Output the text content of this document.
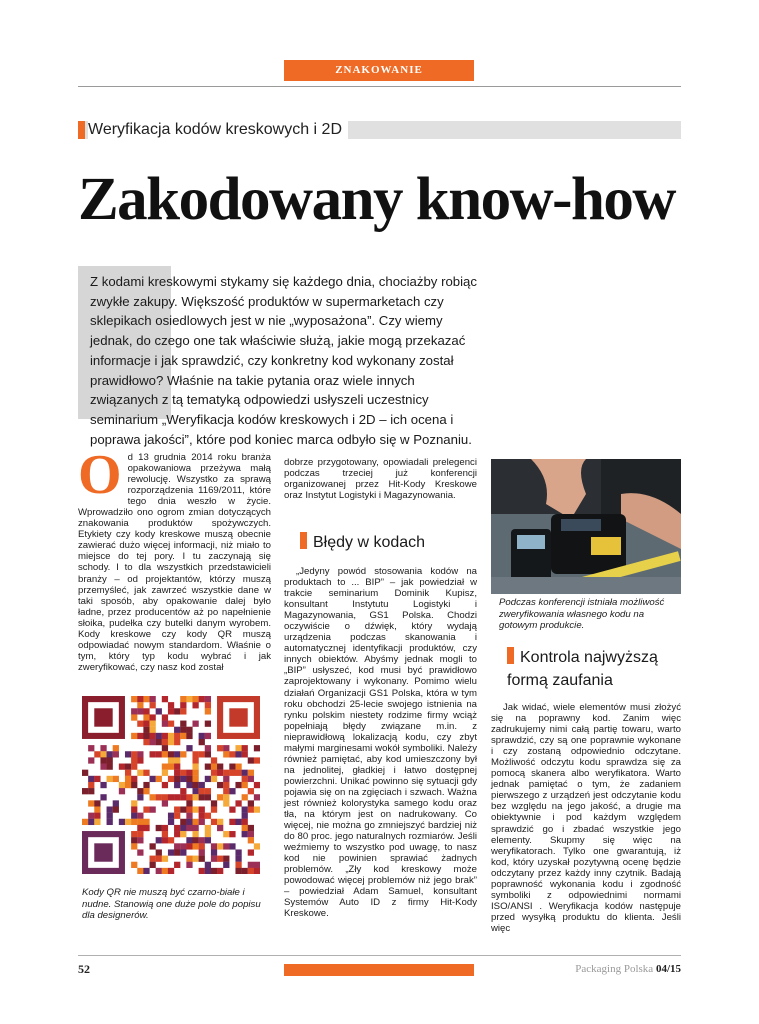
ZNAKOWANIE
Weryfikacja kodów kreskowych i 2D
Zakodowany know-how

Z kodami kreskowymi stykamy się każdego dnia, chociażby robiąc zwykłe zakupy. Większość produktów w supermarketach czy sklepikach osiedlowych jest w nie „wyposażona”. Czy wiemy jednak, do czego one tak właściwie służą, jakie mogą przekazać informacje i jak sprawdzić, czy konkretny kod wykonany został prawidłowo? Właśnie na takie pytania oraz wiele innych związanych z tą tematyką odpowiedzi usłyszeli uczestnicy seminarium „Weryfikacja kodów kreskowych i 2D – ich ocena i poprawa jakości”, które pod koniec marca odbyło się w Poznaniu.

O d 13 grudnia 2014 roku branża opakowaniowa przeżywa małą rewolucję. Wszystko za sprawą rozporządzenia 1169/2011, które tego dnia weszło w życie. Wprowadziło ono ogrom zmian dotyczących znakowania produktów spożywczych. Etykiety czy kody kreskowe muszą obecnie zawierać dużo więcej informacji, niż miało to miejsce do tej pory. I tu zaczynają się schody. I to dla wszystkich przedstawicieli branży – od projektantów, którzy muszą przemyśleć, jak zawrzeć wszystkie dane w taki sposób, aby opakowanie dalej było ładne, przez producentów aż po napełnienie słoika, pudełka czy butelki danym wyrobem. Kody kreskowe czy kody QR muszą odpowiadać nowym standardom. Właśnie o tym, który typ kodu wybrać i jak zweryfikować, czy nasz kod został

dobrze przygotowany, opowiadali prelegenci podczas trzeciej już konferencji organizowanej przez Hit-Kody Kreskowe oraz Instytut Logistyki i Magazynowania.

Błędy w kodach

„Jedyny powód stosowania kodów na produktach to ... BIP” – jak powiedział w trakcie seminarium Dominik Kupisz, konsultant Instytutu Logistyki i Magazynowania, GS1 Polska. Chodzi oczywiście o dźwięk, który wydają urządzenia podczas skanowania i automatycznej identyfikacji produktów, czy innych obiektów. Abyśmy jednak mogli to „BIP” usłyszeć, kod musi być prawidłowo zaprojektowany i wykonany. Pomimo wielu działań Organizacji GS1 Polska, która w tym roku obchodzi 25-lecie swojego istnienia na rynku polskim niestety rodzime firmy wciąż popełniają błędy związane m.in. z nieprawidłową lokalizacją kodu, czy zbyt małymi marginesami wokół symboliki. Należy również pamiętać, aby kod umieszczony był na jednolitej, gładkiej i łatwo dostępnej powierzchni. Unikać powinno się sytuacji gdy pojawia się on na zgięciach i szwach. Ważna jest również kolorystyka samego kodu oraz tła, na którym jest on nadrukowany. Co więcej, nie można go zmniejszyć bardziej niż do 80 proc. jego naturalnych rozmiarów. Jeśli weźmiemy to wszystko pod uwagę, to nasz kod nie powinien sprawiać żadnych problemów. „Zły kod kreskowy może powodować więcej problemów niż jego brak” – powiedział Adam Samuel, konsultant Systemów Auto ID z firmy Hit-Kody Kreskowe.

Podczas konferencji istniała możliwość zweryfikowania własnego kodu na gotowym produkcie.

Kontrola najwyższą formą zaufania

Jak widać, wiele elementów musi złożyć się na poprawny kod. Zanim więc zadrukujemy nimi całą partię towaru, warto sprawdzić, czy są one poprawnie wykonane i czy zostaną odpowiednio odczytane. Możliwość odczytu kodu sprawdza się za pomocą skanera albo weryfikatora. Warto jednak pamiętać o tym, że zadaniem pierwszego z urządzeń jest odczytanie kodu bez względu na jego jakość, a drugie ma obiektywnie i pod każdym względem sprawdzić go i zbadać wszystkie jego elementy. Skupmy się więc na weryfikatorach. Tylko one gwarantują, iż kod, który uzyskał pozytywną ocenę będzie odczytany przez każdy inny czytnik. Badają poprawność wykonania kodu i zgodność symboliki z odpowiednimi normami ISO/ANSI . Weryfikacja kodów następuje przed wysyłką produktu do klienta. Jeśli więc

Kody QR nie muszą być czarno-białe i nudne. Stanowią one duże pole do popisu dla designerów.

52	Packaging Polska 04/15
